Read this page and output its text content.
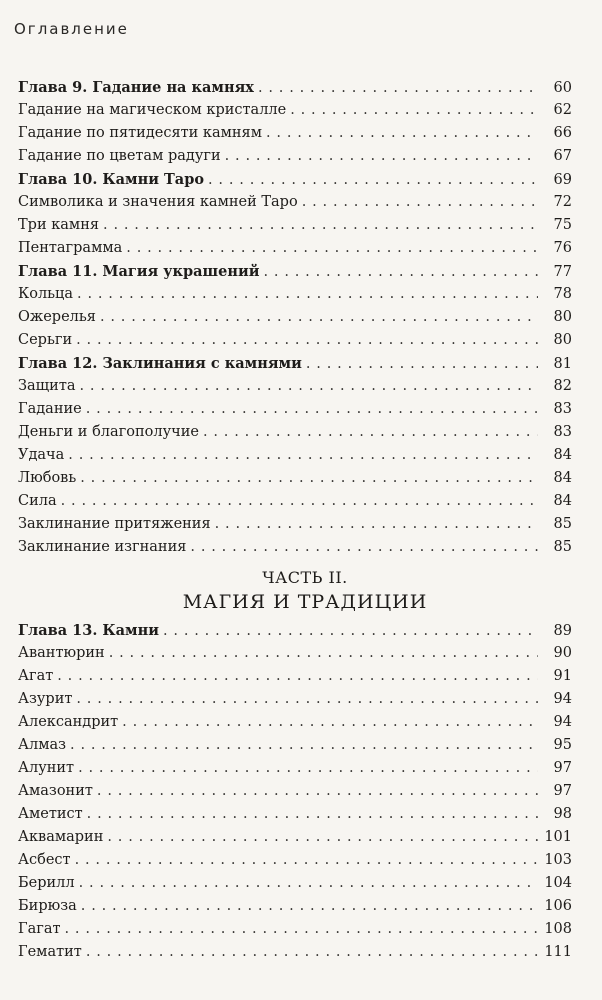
Оглавление
Глава 9. Гадание на камнях . . .	60
Гадание на магическом кристалле . . .	62
Гадание по пятидесяти камням . . .	66
Гадание по цветам радуги . . .	67
Глава 10. Камни Таро . . .	69
Символика и значения камней Таро . . .	72
Три камня . . .	75
Пентаграмма . . .	76
Глава 11. Магия украшений . . .	77
Кольца . . .	78
Ожерелья . . .	80
Серьги . . .	80
Глава 12. Заклинания с камнями . . .	81
Защита . . .	82
Гадание . . .	83
Деньги и благополучие . . .	83
Удача . . .	84
Любовь . . .	84
Сила . . .	84
Заклинание притяжения . . .	85
Заклинание изгнания . . .	85
ЧАСТЬ II.
МАГИЯ И ТРАДИЦИИ
Глава 13. Камни . . .	89
Авантюрин . . .	90
Агат . . .	91
Азурит . . .	94
Александрит . . .	94
Алмаз . . .	95
Алунит . . .	97
Амазонит . . .	97
Аметист . . .	98
Аквамарин . . .	101
Асбест . . .	103
Берилл . . .	104
Бирюза . . .	106
Гагат . . .	108
Гематит . . .	111
